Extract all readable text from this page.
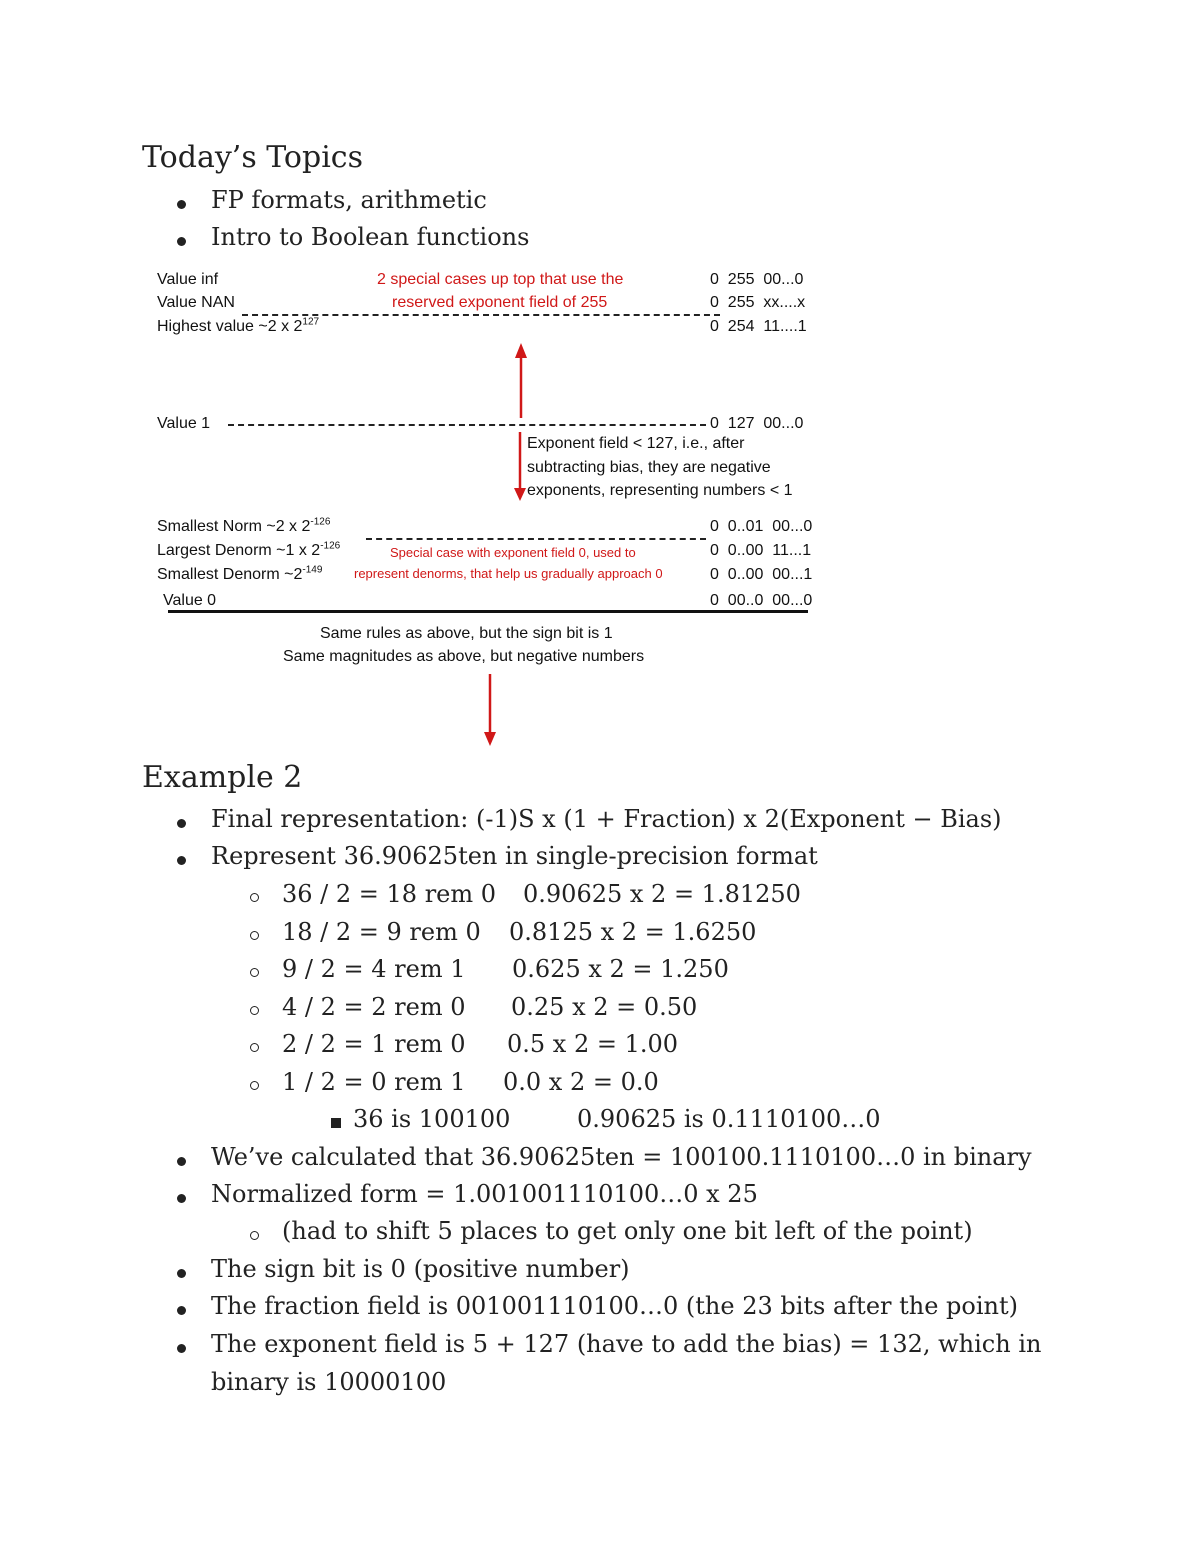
Today’s Topics
FP formats, arithmetic
Intro to Boolean functions
Value inf
Value NAN
Highest value ~2 x $2^{127}$
Value 1
Smallest Norm ~2 x $2^{-126}$
Largest Denorm ~1 x $2^{-126}$
Smallest Denorm $\sim 2^{-149}$
Value 0
0  255  00...0
0  255  xx....x
0  254  11....1
0  127  00...0
0  0..01  00...0
0  0..00  11...1
0  0..00  00...1
0  00..0  00...0
2 special cases up top that use the
reserved exponent field of 255
Special case with exponent field 0, used to
represent denorms, that help us gradually approach 0
Exponent field < 127, i.e., after
subtracting bias, they are negative
exponents, representing numbers < 1
Same rules as above, but the sign bit is 1
Same magnitudes as above, but negative numbers
Example 2
Final representation: (-1)S x (1 + Fraction) x 2(Exponent − Bias)
Represent 36.90625ten in single-precision format
36 / 2 = 18 rem 0 0.90625 x 2 = 1.81250
18 / 2 = 9 rem 0 0.8125 x 2 = 1.6250
9 / 2 = 4 rem 1 0.625 x 2 = 1.250
4 / 2 = 2 rem 0 0.25 x 2 = 0.50
2 / 2 = 1 rem 0 0.5 x 2 = 1.00
1 / 2 = 0 rem 1 0.0 x 2 = 0.0
36 is 100100	0.90625 is 0.1110100…0
We’ve calculated that 36.90625ten = 100100.1110100…0 in binary
Normalized form = 1.001001110100…0 x 25
(had to shift 5 places to get only one bit left of the point)
The sign bit is 0 (positive number)
The fraction field is 001001110100…0 (the 23 bits after the point)
The exponent field is 5 + 127 (have to add the bias) = 132, which in
binary is 10000100
